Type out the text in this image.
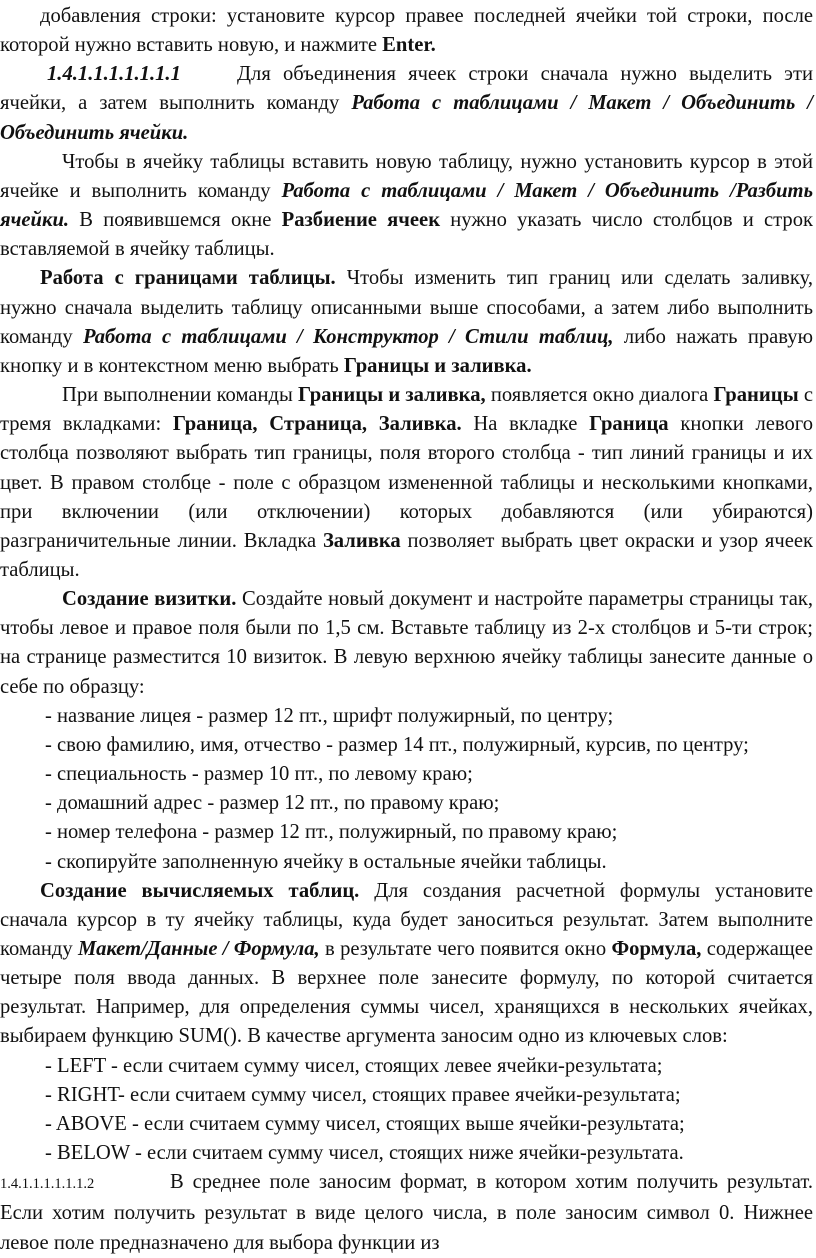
добавления строки: установите курсор правее последней ячейки той строки, после которой нужно вставить новую, и нажмите Enter.

1.4.1.1.1.1.1.1.1	Для объединения ячеек строки сначала нужно выделить эти ячейки, а затем выполнить команду Работа с таблицами / Макет / Объединить / Объединить ячейки.

Чтобы в ячейку таблицы вставить новую таблицу, нужно установить курсор в этой ячейке и выполнить команду Работа с таблицами / Макет / Объединить /Разбить ячейки. В появившемся окне Разбиение ячеек нужно указать число столбцов и строк вставляемой в ячейку таблицы.

Работа с границами таблицы. Чтобы изменить тип границ или сделать заливку, нужно сначала выделить таблицу описанными выше способами, а затем либо выполнить команду Работа с таблицами / Конструктор / Стили таблиц, либо нажать правую кнопку и в контекстном меню выбрать Границы и заливка.

При выполнении команды Границы и заливка, появляется окно диалога Границы с тремя вкладками: Граница, Страница, Заливка. На вкладке Граница кнопки левого столбца позволяют выбрать тип границы, поля второго столбца - тип линий границы и их цвет. В правом столбце - поле с образцом измененной таблицы и несколькими кнопками, при включении (или отключении) которых добавляются (или убираются) разграничительные линии. Вкладка Заливка позволяет выбрать цвет окраски и узор ячеек таблицы.

Создание визитки. Создайте новый документ и настройте параметры страницы так, чтобы левое и правое поля были по 1,5 см. Вставьте таблицу из 2-х столбцов и 5-ти строк; на странице разместится 10 визиток. В левую верхнюю ячейку таблицы занесите данные о себе по образцу:

- название лицея - размер 12 пт., шрифт полужирный, по центру;

- свою фамилию, имя, отчество - размер 14 пт., полужирный, курсив, по центру;

- специальность - размер 10 пт., по левому краю;

- домашний адрес - размер 12 пт., по правому краю;

- номер телефона - размер 12 пт., полужирный, по правому краю;

- скопируйте заполненную ячейку в остальные ячейки таблицы.

Создание вычисляемых таблиц. Для создания расчетной формулы установите сначала курсор в ту ячейку таблицы, куда будет заноситься результат. Затем выполните команду Макет/Данные / Формула, в результате чего появится окно Формула, содержащее четыре поля ввода данных. В верхнее поле занесите формулу, по которой считается результат. Например, для определения суммы чисел, хранящихся в нескольких ячейках, выбираем функцию SUM(). В качестве аргумента заносим одно из ключевых слов:

- LEFT - если считаем сумму чисел, стоящих левее ячейки-результата;

- RIGHT- если считаем сумму чисел, стоящих правее ячейки-результата;

- ABOVE - если считаем сумму чисел, стоящих выше ячейки-результата;

- BELOW - если считаем сумму чисел, стоящих ниже ячейки-результата.

1.4.1.1.1.1.1.1.2	В среднее поле заносим формат, в котором хотим получить результат. Если хотим получить результат в виде целого числа, в поле заносим символ 0. Нижнее левое поле предназначено для выбора функции из
